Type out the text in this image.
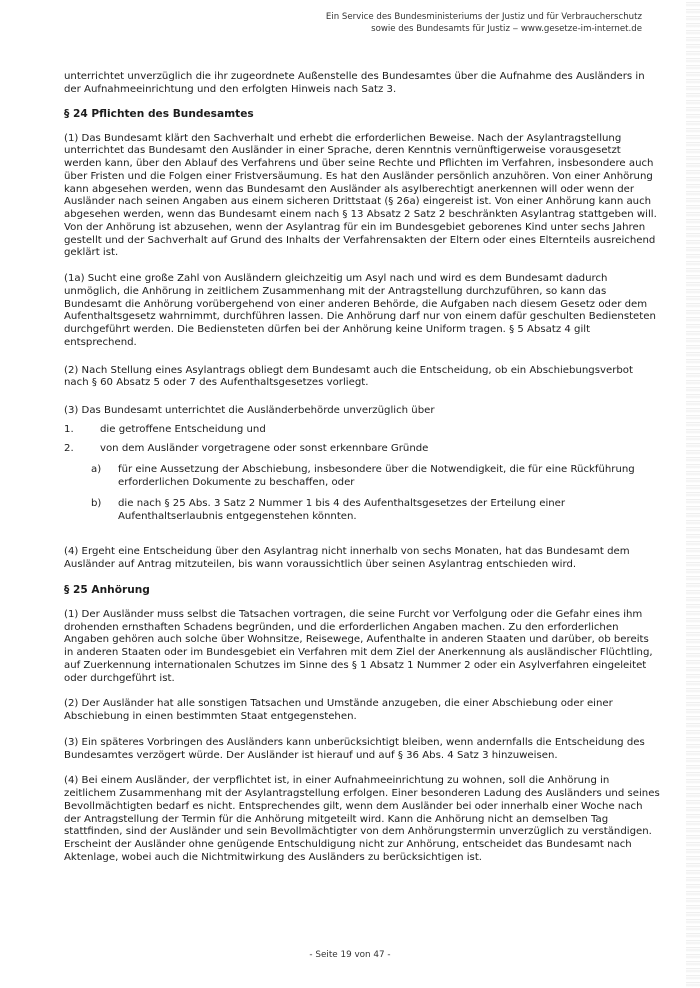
Ein Service des Bundesministeriums der Justiz und für Verbraucherschutz
sowie des Bundesamts für Justiz ‒ www.gesetze-im-internet.de

unterrichtet unverzüglich die ihr zugeordnete Außenstelle des Bundesamtes über die Aufnahme des Ausländers in der Aufnahmeeinrichtung und den erfolgten Hinweis nach Satz 3.

§ 24 Pflichten des Bundesamtes

(1) Das Bundesamt klärt den Sachverhalt und erhebt die erforderlichen Beweise. Nach der Asylantragstellung unterrichtet das Bundesamt den Ausländer in einer Sprache, deren Kenntnis vernünftigerweise vorausgesetzt werden kann, über den Ablauf des Verfahrens und über seine Rechte und Pflichten im Verfahren, insbesondere auch über Fristen und die Folgen einer Fristversäumung. Es hat den Ausländer persönlich anzuhören. Von einer Anhörung kann abgesehen werden, wenn das Bundesamt den Ausländer als asylberechtigt anerkennen will oder wenn der Ausländer nach seinen Angaben aus einem sicheren Drittstaat (§ 26a) eingereist ist. Von einer Anhörung kann auch abgesehen werden, wenn das Bundesamt einem nach § 13 Absatz 2 Satz 2 beschränkten Asylantrag stattgeben will. Von der Anhörung ist abzusehen, wenn der Asylantrag für ein im Bundesgebiet geborenes Kind unter sechs Jahren gestellt und der Sachverhalt auf Grund des Inhalts der Verfahrensakten der Eltern oder eines Elternteils ausreichend geklärt ist.

(1a) Sucht eine große Zahl von Ausländern gleichzeitig um Asyl nach und wird es dem Bundesamt dadurch unmöglich, die Anhörung in zeitlichem Zusammenhang mit der Antragstellung durchzuführen, so kann das Bundesamt die Anhörung vorübergehend von einer anderen Behörde, die Aufgaben nach diesem Gesetz oder dem Aufenthaltsgesetz wahrnimmt, durchführen lassen. Die Anhörung darf nur von einem dafür geschulten Bediensteten durchgeführt werden. Die Bediensteten dürfen bei der Anhörung keine Uniform tragen. § 5 Absatz 4 gilt entsprechend.

(2) Nach Stellung eines Asylantrags obliegt dem Bundesamt auch die Entscheidung, ob ein Abschiebungsverbot nach § 60 Absatz 5 oder 7 des Aufenthaltsgesetzes vorliegt.

(3) Das Bundesamt unterrichtet die Ausländerbehörde unverzüglich über

1.	die getroffene Entscheidung und
2.	von dem Ausländer vorgetragene oder sonst erkennbare Gründe
a)	für eine Aussetzung der Abschiebung, insbesondere über die Notwendigkeit, die für eine Rückführung erforderlichen Dokumente zu beschaffen, oder
b)	die nach § 25 Abs. 3 Satz 2 Nummer 1 bis 4 des Aufenthaltsgesetzes der Erteilung einer Aufenthaltserlaubnis entgegenstehen könnten.

(4) Ergeht eine Entscheidung über den Asylantrag nicht innerhalb von sechs Monaten, hat das Bundesamt dem Ausländer auf Antrag mitzuteilen, bis wann voraussichtlich über seinen Asylantrag entschieden wird.

§ 25 Anhörung

(1) Der Ausländer muss selbst die Tatsachen vortragen, die seine Furcht vor Verfolgung oder die Gefahr eines ihm drohenden ernsthaften Schadens begründen, und die erforderlichen Angaben machen. Zu den erforderlichen Angaben gehören auch solche über Wohnsitze, Reisewege, Aufenthalte in anderen Staaten und darüber, ob bereits in anderen Staaten oder im Bundesgebiet ein Verfahren mit dem Ziel der Anerkennung als ausländischer Flüchtling, auf Zuerkennung internationalen Schutzes im Sinne des § 1 Absatz 1 Nummer 2 oder ein Asylverfahren eingeleitet oder durchgeführt ist.

(2) Der Ausländer hat alle sonstigen Tatsachen und Umstände anzugeben, die einer Abschiebung oder einer Abschiebung in einen bestimmten Staat entgegenstehen.

(3) Ein späteres Vorbringen des Ausländers kann unberücksichtigt bleiben, wenn andernfalls die Entscheidung des Bundesamtes verzögert würde. Der Ausländer ist hierauf und auf § 36 Abs. 4 Satz 3 hinzuweisen.

(4) Bei einem Ausländer, der verpflichtet ist, in einer Aufnahmeeinrichtung zu wohnen, soll die Anhörung in zeitlichem Zusammenhang mit der Asylantragstellung erfolgen. Einer besonderen Ladung des Ausländers und seines Bevollmächtigten bedarf es nicht. Entsprechendes gilt, wenn dem Ausländer bei oder innerhalb einer Woche nach der Antragstellung der Termin für die Anhörung mitgeteilt wird. Kann die Anhörung nicht an demselben Tag stattfinden, sind der Ausländer und sein Bevollmächtigter von dem Anhörungstermin unverzüglich zu verständigen. Erscheint der Ausländer ohne genügende Entschuldigung nicht zur Anhörung, entscheidet das Bundesamt nach Aktenlage, wobei auch die Nichtmitwirkung des Ausländers zu berücksichtigen ist.

- Seite 19 von 47 -
